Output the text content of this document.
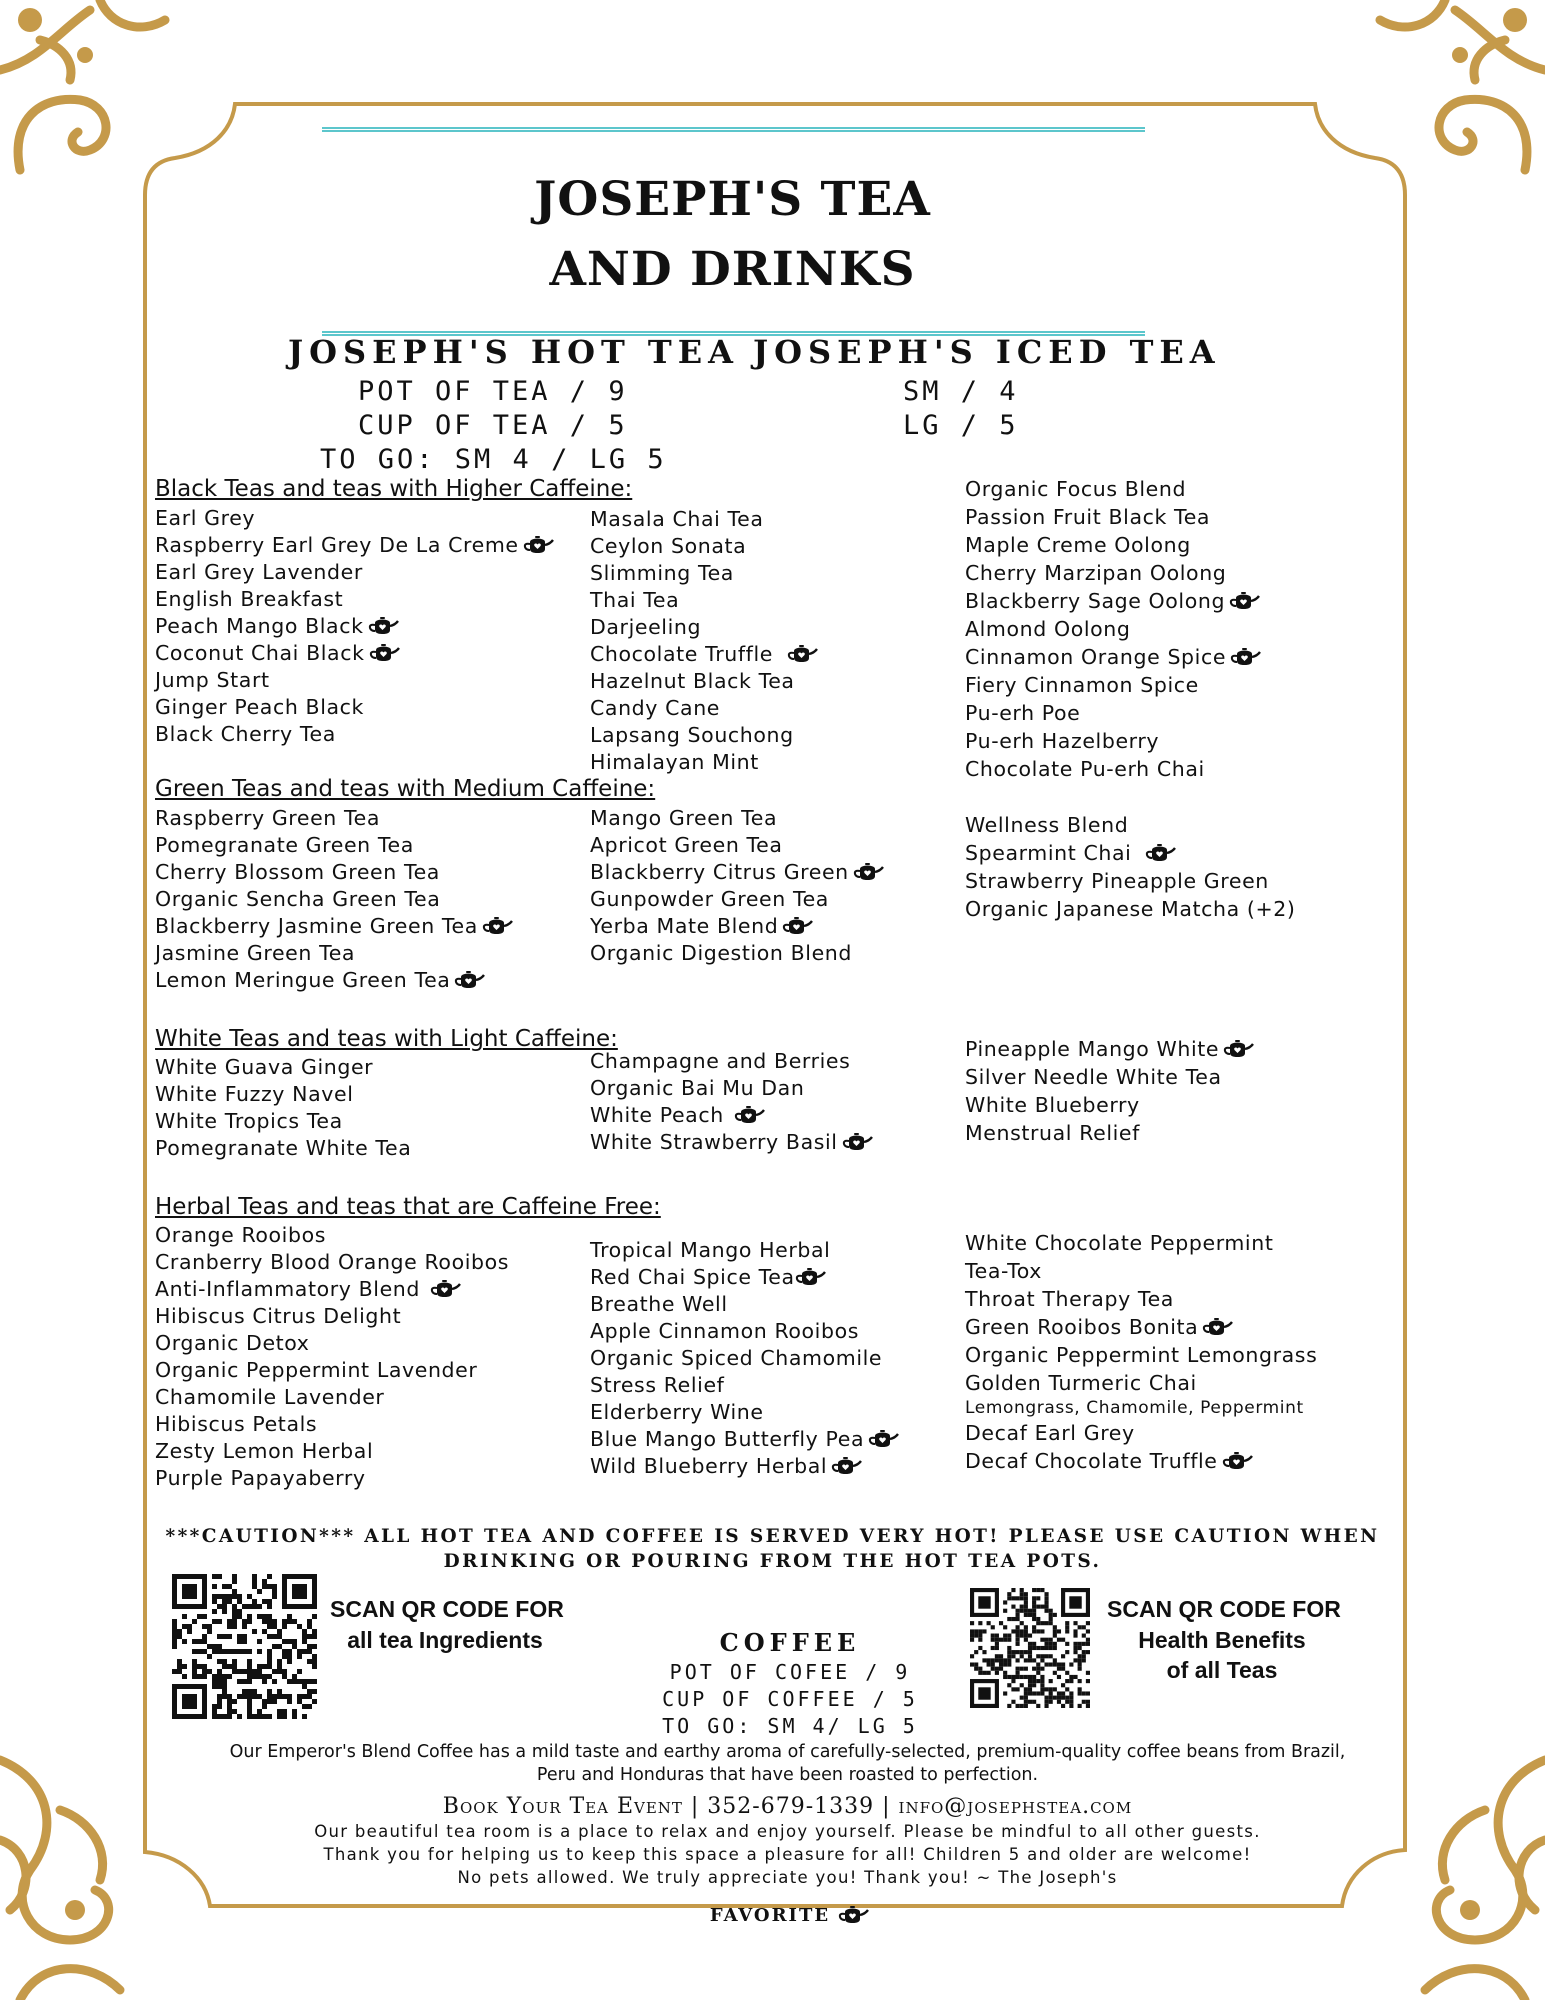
JOSEPH'S TEA
AND DRINKS
JOSEPH'S HOT TEA JOSEPH'S ICED TEA
POT OF TEA / 9
CUP OF TEA / 5
TO GO: SM 4 / LG 5
SM / 4
LG / 5
Black Teas and teas with Higher Caffeine:
Earl Grey
Raspberry Earl Grey De La Creme
Earl Grey Lavender
English Breakfast
Peach Mango Black
Coconut Chai Black
Jump Start
Ginger Peach Black
Black Cherry Tea
Masala Chai Tea
Ceylon Sonata
Slimming Tea
Thai Tea
Darjeeling
Chocolate Truffle
Hazelnut Black Tea
Candy Cane
Lapsang Souchong
Himalayan Mint
Organic Focus Blend
Passion Fruit Black Tea
Maple Creme Oolong
Cherry Marzipan Oolong
Blackberry Sage Oolong
Almond Oolong
Cinnamon Orange Spice
Fiery Cinnamon Spice
Pu-erh Poe
Pu-erh Hazelberry
Chocolate Pu-erh Chai
Green Teas and teas with Medium Caffeine:
Raspberry Green Tea
Pomegranate Green Tea
Cherry Blossom Green Tea
Organic Sencha Green Tea
Blackberry Jasmine Green Tea
Jasmine Green Tea
Lemon Meringue Green Tea
Mango Green Tea
Apricot Green Tea
Blackberry Citrus Green
Gunpowder Green Tea
Yerba Mate Blend
Organic Digestion Blend
Wellness Blend
Spearmint Chai
Strawberry Pineapple Green
Organic Japanese Matcha (+2)
White Teas and teas with Light Caffeine:
White Guava Ginger
White Fuzzy Navel
White Tropics Tea
Pomegranate White Tea
Champagne and Berries
Organic Bai Mu Dan
White Peach
White Strawberry Basil
Pineapple Mango White
Silver Needle White Tea
White Blueberry
Menstrual Relief
Herbal Teas and teas that are Caffeine Free:
Orange Rooibos
Cranberry Blood Orange Rooibos
Anti-Inflammatory Blend
Hibiscus Citrus Delight
Organic Detox
Organic Peppermint Lavender
Chamomile Lavender
Hibiscus Petals
Zesty Lemon Herbal
Purple Papayaberry
Tropical Mango Herbal
Red Chai Spice Tea
Breathe Well
Apple Cinnamon Rooibos
Organic Spiced Chamomile
Stress Relief
Elderberry Wine
Blue Mango Butterfly Pea
Wild Blueberry Herbal
White Chocolate Peppermint
Tea-Tox
Throat Therapy Tea
Green Rooibos Bonita
Organic Peppermint Lemongrass
Golden Turmeric Chai
Lemongrass, Chamomile, Peppermint
Decaf Earl Grey
Decaf Chocolate Truffle
***CAUTION*** ALL HOT TEA AND COFFEE IS SERVED VERY HOT! PLEASE USE CAUTION WHEN DRINKING OR POURING FROM THE HOT TEA POTS.
SCAN QR CODE FOR
all tea Ingredients
SCAN QR CODE FOR
Health Benefits
of all Teas
COFFEE
POT OF COFEE / 9
CUP OF COFFEE / 5
TO GO: SM 4/ LG 5
Our Emperor's Blend Coffee has a mild taste and earthy aroma of carefully-selected, premium-quality coffee beans from Brazil,
Peru and Honduras that have been roasted to perfection.
Book Your Tea Event | 352-679-1339 | info@josephstea.com
Our beautiful tea room is a place to relax and enjoy yourself. Please be mindful to all other guests.
Thank you for helping us to keep this space a pleasure for all! Children 5 and older are welcome!
No pets allowed. We truly appreciate you! Thank you! ~ The Joseph's
FAVORITE
